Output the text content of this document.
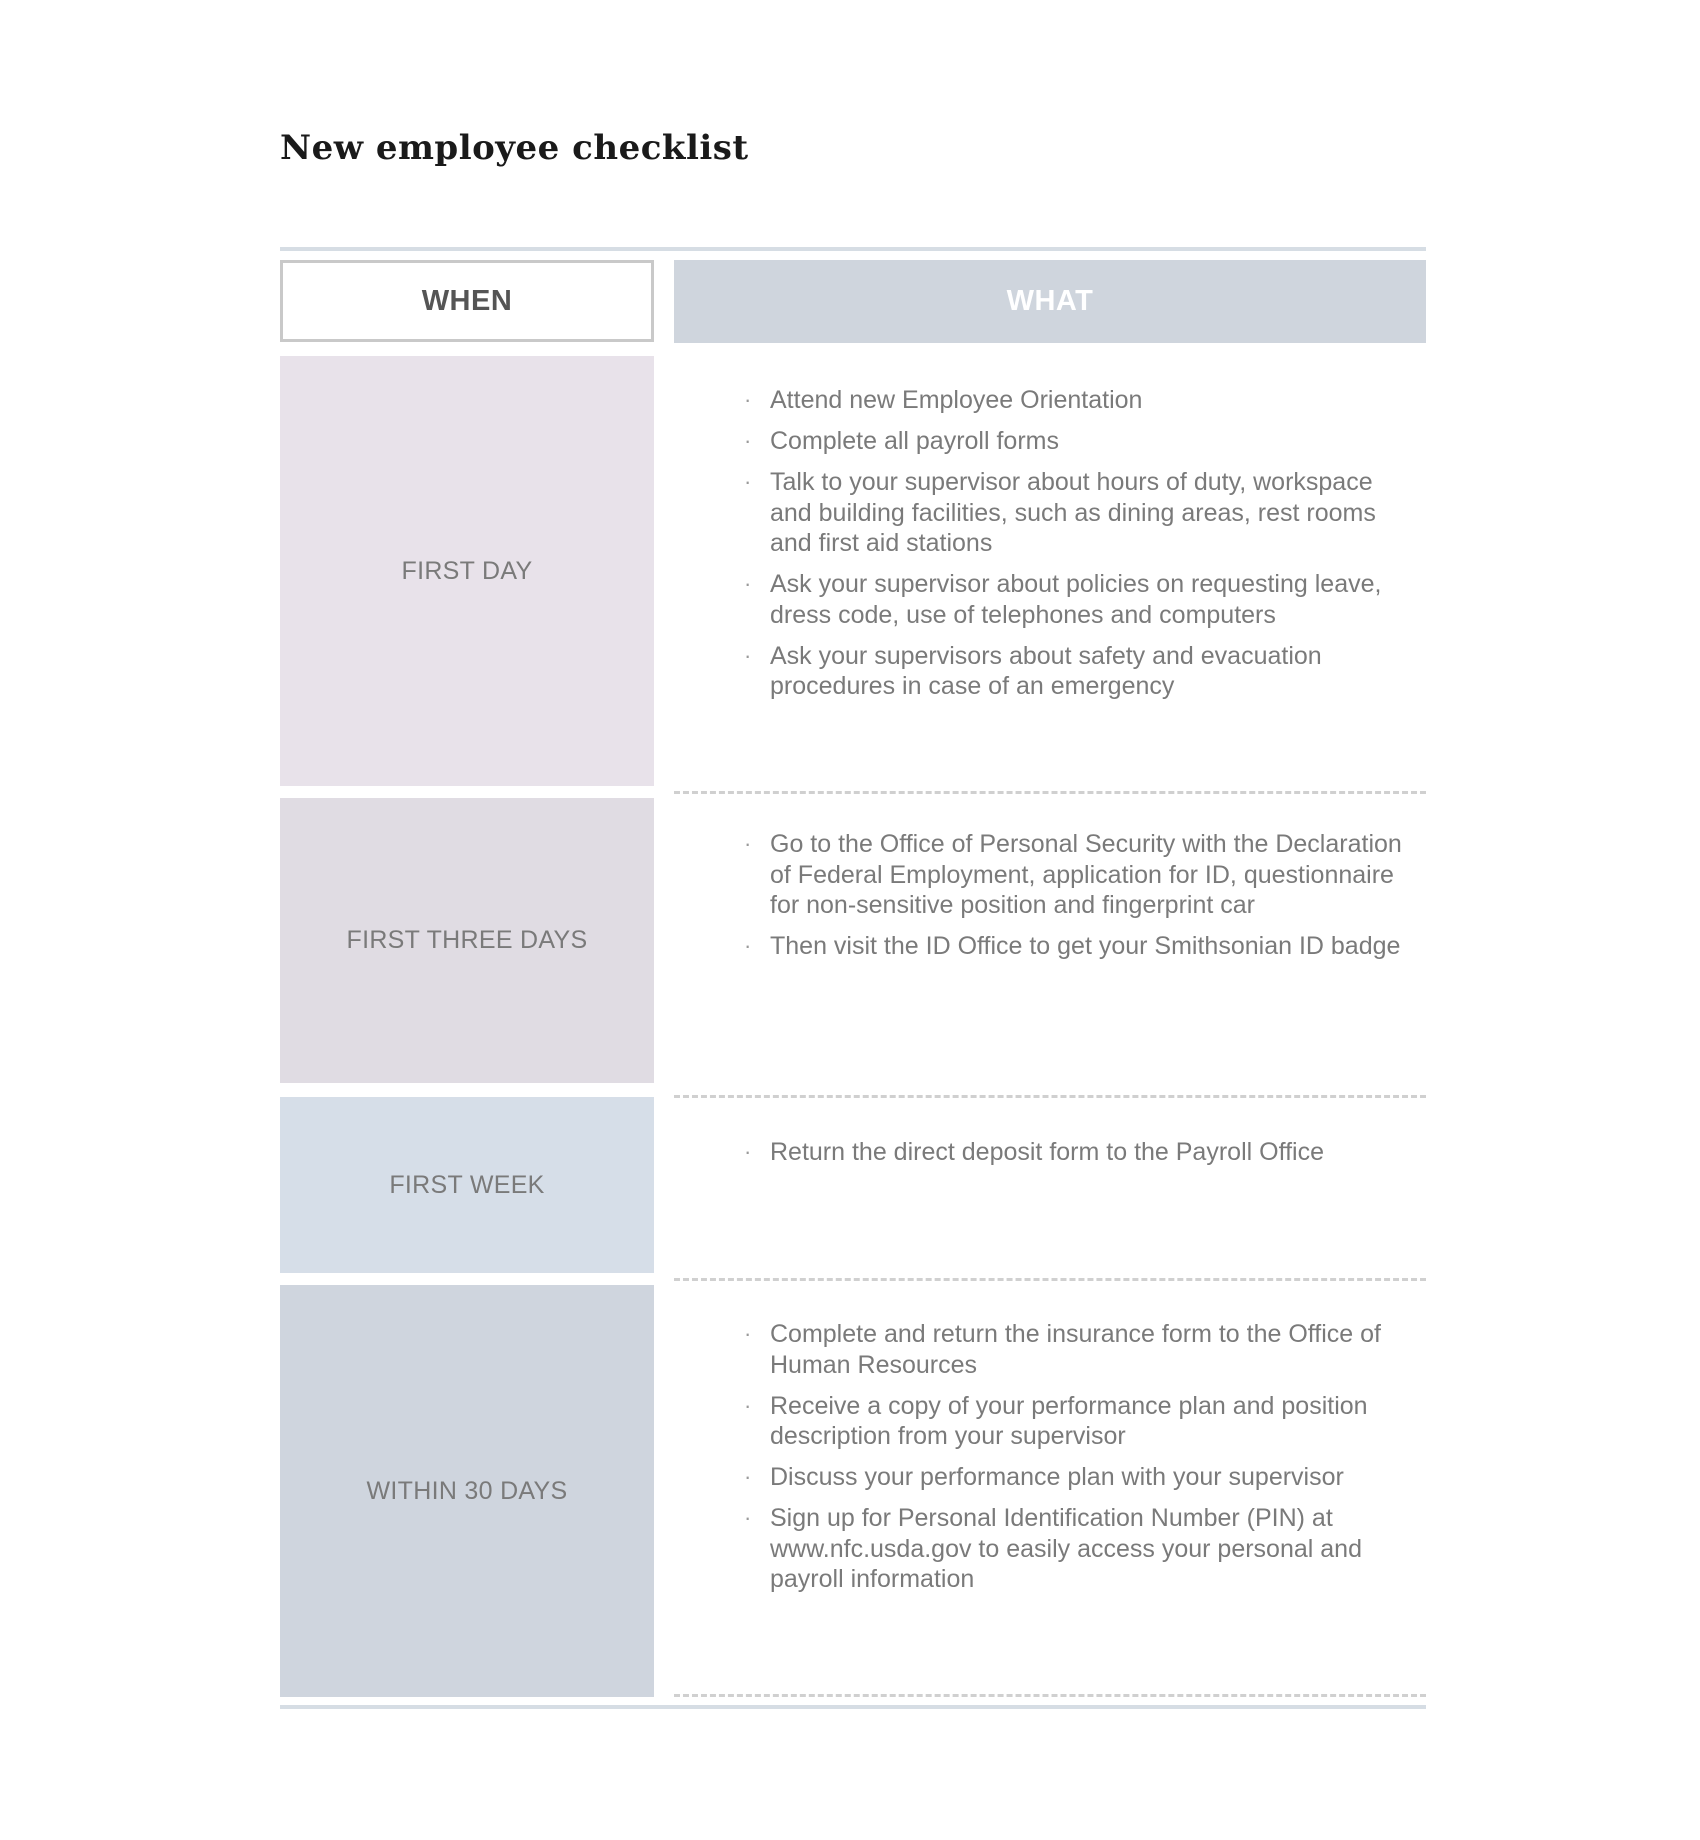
New employee checklist
WHEN	WHAT
FIRST DAY
· Attend new Employee Orientation
· Complete all payroll forms
· Talk to your supervisor about hours of duty, workspace and building facilities, such as dining areas, rest rooms and first aid stations
· Ask your supervisor about policies on requesting leave, dress code, use of telephones and computers
· Ask your supervisors about safety and evacuation procedures in case of an emergency
FIRST THREE DAYS
· Go to the Office of Personal Security with the Declaration of Federal Employment, application for ID, questionnaire for non-sensitive position and fingerprint car
· Then visit the ID Office to get your Smithsonian ID badge
FIRST WEEK
· Return the direct deposit form to the Payroll Office
WITHIN 30 DAYS
· Complete and return the insurance form to the Office of Human Resources
· Receive a copy of your performance plan and position description from your supervisor
· Discuss your performance plan with your supervisor
· Sign up for Personal Identification Number (PIN) at www.nfc.usda.gov to easily access your personal and payroll information
